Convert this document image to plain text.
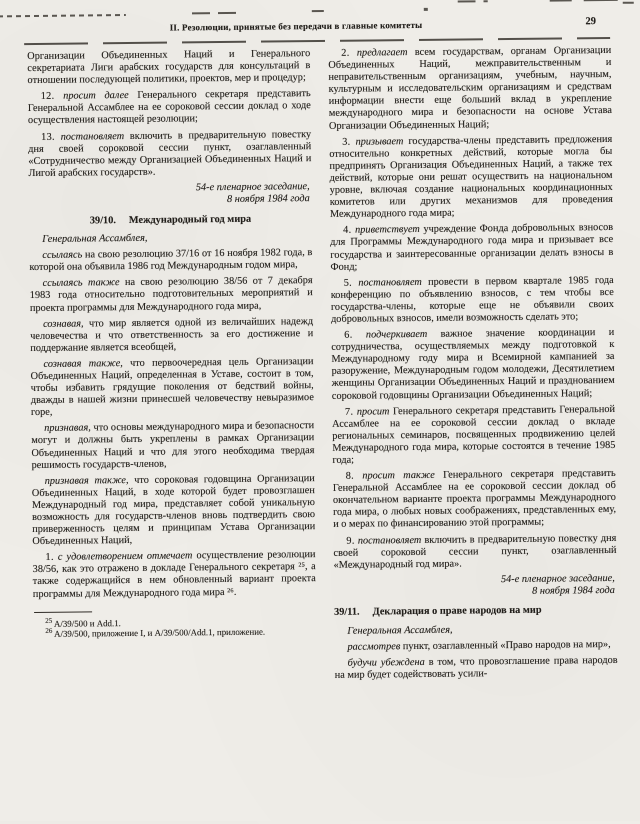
II. Резолюции, принятые без передачи в главные комитеты	29

Организации Объединенных Наций и Генерального секретариата Лиги арабских государств для консультаций в отношении последующей политики, проектов, мер и процедур;

12. просит далее Генерального секретаря представить Генеральной Ассамблее на ее сороковой сессии доклад о ходе осуществления настоящей резолюции;

13. постановляет включить в предварительную повестку дня своей сороковой сессии пункт, озаглавленный «Сотрудничество между Организацией Объединенных Наций и Лигой арабских государств».

54-е пленарное заседание,
8 ноября 1984 года
39/10. Международный год мира

Генеральная Ассамблея,

ссылаясь на свою резолюцию 37/16 от 16 ноября 1982 года, в которой она объявила 1986 год Международным годом мира,

ссылаясь также на свою резолюцию 38/56 от 7 декабря 1983 года относительно подготовительных мероприятий и проекта программы для Международного года мира,

сознавая, что мир является одной из величайших надежд человечества и что ответственность за его достижение и поддержание является всеобщей,

сознавая также, что первоочередная цель Организации Объединенных Наций, определенная в Уставе, состоит в том, чтобы избавить грядущие поколения от бедствий войны, дважды в нашей жизни принесшей человечеству невыразимое горе,

признавая, что основы международного мира и безопасности могут и должны быть укреплены в рамках Организации Объединенных Наций и что для этого необходима твердая решимость государств-членов,

признавая также, что сороковая годовщина Организации Объединенных Наций, в ходе которой будет провозглашен Международный год мира, представляет собой уникальную возможность для государств-членов вновь подтвердить свою приверженность целям и принципам Устава Организации Объединенных Наций,

1. с удовлетворением отмечает осуществление резолюции 38/56, как это отражено в докладе Генерального секретаря ²⁵, а также содержащийся в нем обновленный вариант проекта программы для Международного года мира ²⁶.

$^{25}$ A/39/500 и Add.1.

$^{26}$ A/39/500, приложение I, и A/39/500/Add.1, приложение.

2. предлагает всем государствам, органам Организации Объединенных Наций, межправительственным и неправительственным организациям, учебным, научным, культурным и исследовательским организациям и средствам информации внести еще больший вклад в укрепление международного мира и безопасности на основе Устава Организации Объединенных Наций;

3. призывает государства-члены представить предложения относительно конкретных действий, которые могла бы предпринять Организация Объединенных Наций, а также тех действий, которые они решат осуществить на национальном уровне, включая создание национальных координационных комитетов или других механизмов для проведения Международного года мира;

4. приветствует учреждение Фонда добровольных взносов для Программы Международного года мира и призывает все государства и заинтересованные организации делать взносы в Фонд;

5. постановляет провести в первом квартале 1985 года конференцию по объявлению взносов, с тем чтобы все государства-члены, которые еще не объявили своих добровольных взносов, имели возможность сделать это;

6. подчеркивает важное значение координации и сотрудничества, осуществляемых между подготовкой к Международному году мира и Всемирной кампанией за разоружение, Международным годом молодежи, Десятилетием женщины Организации Объединенных Наций и празднованием сороковой годовщины Организации Объединенных Наций;

7. просит Генерального секретаря представить Генеральной Ассамблее на ее сороковой сессии доклад о вкладе региональных семинаров, посвященных продвижению целей Международного года мира, которые состоятся в течение 1985 года;

8. просит также Генерального секретаря представить Генеральной Ассамблее на ее сороковой сессии доклад об окончательном варианте проекта программы Международного года мира, о любых новых соображениях, представленных ему, и о мерах по финансированию этой программы;

9. постановляет включить в предварительную повестку дня своей сороковой сессии пункт, озаглавленный «Международный год мира».

54-е пленарное заседание,
8 ноября 1984 года
39/11. Декларация о праве народов на мир

Генеральная Ассамблея,

рассмотрев пункт, озаглавленный «Право народов на мир»,

будучи убеждена в том, что провозглашение права народов на мир будет содействовать усили-
